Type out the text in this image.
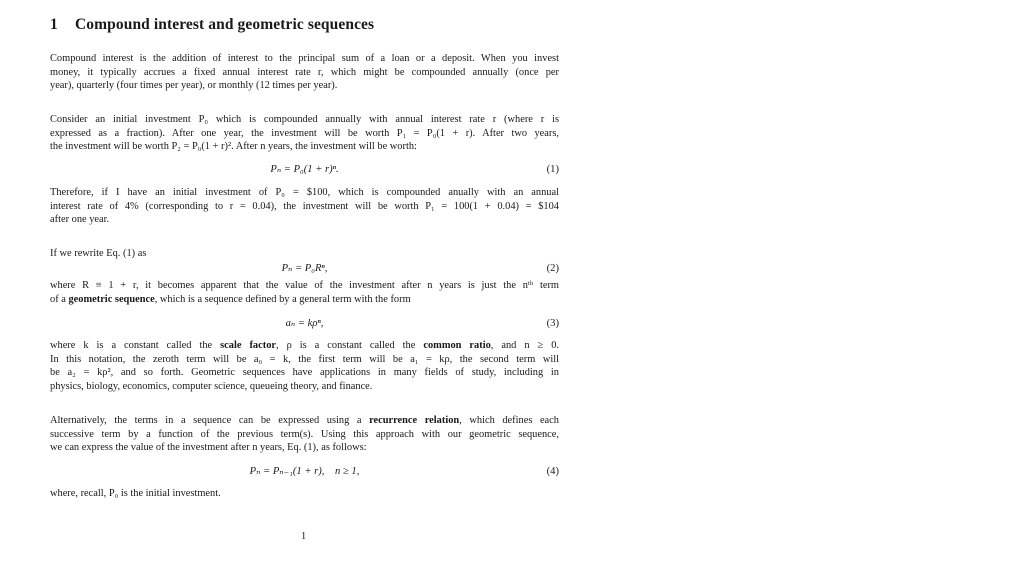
1 Compound interest and geometric sequences
Compound interest is the addition of interest to the principal sum of a loan or a deposit. When you invest
money, it typically accrues a fixed annual interest rate r, which might be compounded annually (once per
year), quarterly (four times per year), or monthly (12 times per year).
Consider an initial investment P₀ which is compounded annually with annual interest rate r (where r is
expressed as a fraction). After one year, the investment will be worth P₁ = P₀(1 + r). After two years,
the investment will be worth P₂ = P₀(1 + r)². After n years, the investment will be worth:
Pₙ = P₀(1 + r)ⁿ.	(1)
Therefore, if I have an initial investment of P₀ = $100, which is compounded anually with an annual
interest rate of 4% (corresponding to r = 0.04), the investment will be worth P₁ = 100(1 + 0.04) = $104
after one year.
If we rewrite Eq. (1) as
Pₙ = P₀Rⁿ,	(2)
where R ≡ 1 + r, it becomes apparent that the value of the investment after n years is just the nᵗʰ term
of a geometric sequence, which is a sequence defined by a general term with the form
aₙ = kρⁿ,	(3)
where k is a constant called the scale factor, ρ is a constant called the common ratio, and n ≥ 0.
In this notation, the zeroth term will be a₀ = k, the first term will be a₁ = kρ, the second term will
be a₂ = kρ², and so forth. Geometric sequences have applications in many fields of study, including in
physics, biology, economics, computer science, queueing theory, and finance.
Alternatively, the terms in a sequence can be expressed using a recurrence relation, which defines each
successive term by a function of the previous term(s). Using this approach with our geometric sequence,
we can express the value of the investment after n years, Eq. (1), as follows:
Pₙ = Pₙ₋₁(1 + r),    n ≥ 1,	(4)
where, recall, P₀ is the initial investment.
1
